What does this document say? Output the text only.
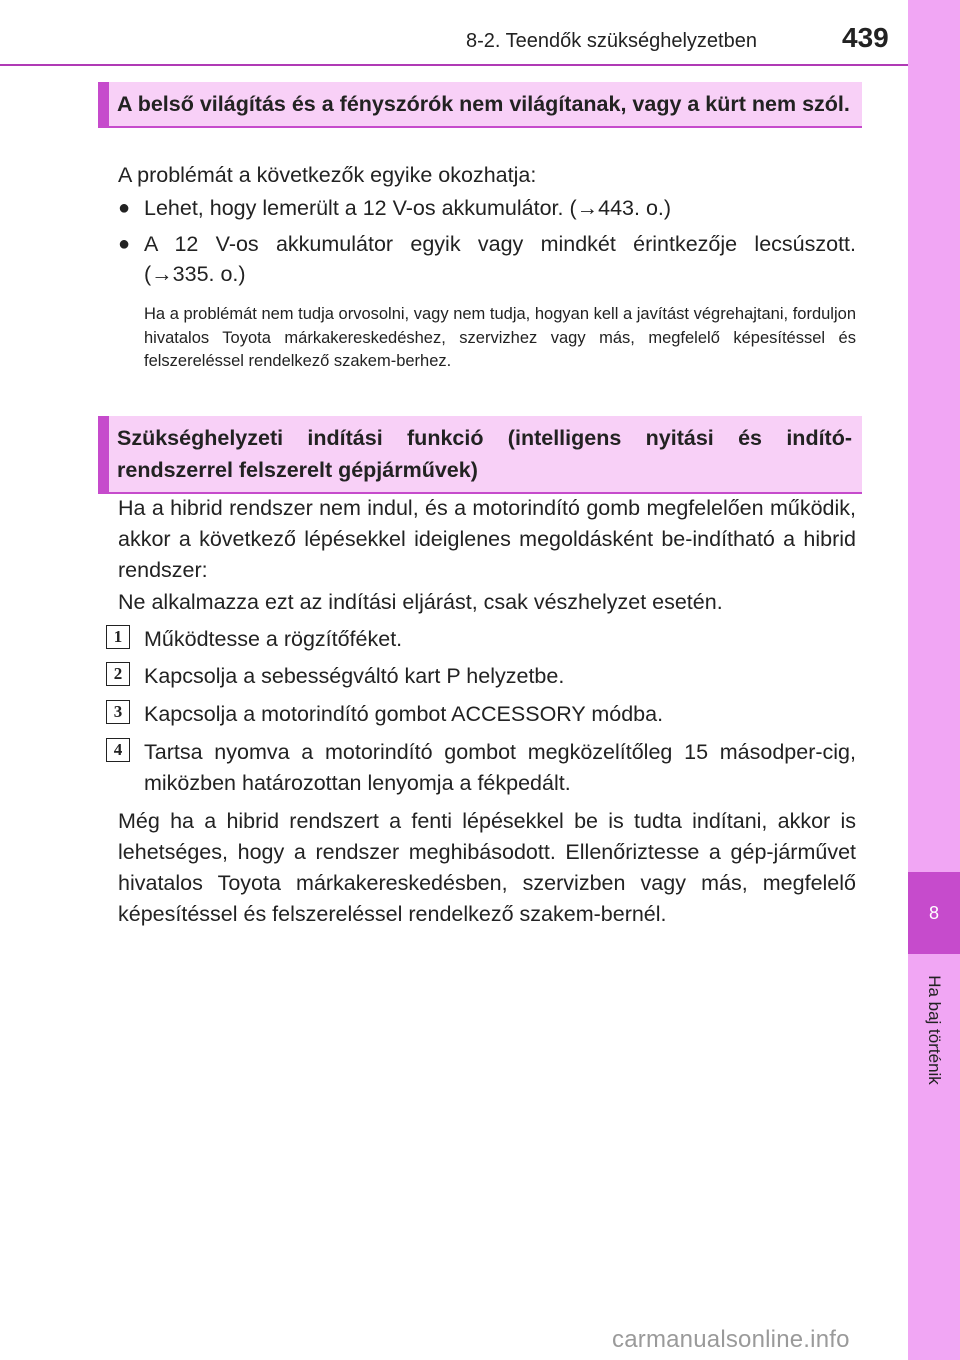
8-2. Teendők szükséghelyzetben	439
8
Ha baj történik
A belső világítás és a fényszórók nem világítanak, vagy a kürt nem szól.
A problémát a következők egyike okozhatja:
● Lehet, hogy lemerült a 12 V-os akkumulátor. (→443. o.)
● A 12 V-os akkumulátor egyik vagy mindkét érintkezője lecsúszott.
(→335. o.)
Ha a problémát nem tudja orvosolni, vagy nem tudja, hogyan kell a javítást végrehajtani, forduljon hivatalos Toyota márkakereskedéshez, szervizhez vagy más, megfelelő képesítéssel és felszereléssel rendelkező szakem-berhez.
Szükséghelyzeti indítási funkció (intelligens nyitási és indító-rendszerrel felszerelt gépjárművek)
Ha a hibrid rendszer nem indul, és a motorindító gomb megfelelően működik, akkor a következő lépésekkel ideiglenes megoldásként be-indítható a hibrid rendszer:
Ne alkalmazza ezt az indítási eljárást, csak vészhelyzet esetén.
1	Működtesse a rögzítőféket.
2	Kapcsolja a sebességváltó kart P helyzetbe.
3	Kapcsolja a motorindító gombot ACCESSORY módba.
4	Tartsa nyomva a motorindító gombot megközelítőleg 15 másodper-cig, miközben határozottan lenyomja a fékpedált.
Még ha a hibrid rendszert a fenti lépésekkel be is tudta indítani, akkor is lehetséges, hogy a rendszer meghibásodott. Ellenőriztesse a gép-járművet hivatalos Toyota márkakereskedésben, szervizben vagy más, megfelelő képesítéssel és felszereléssel rendelkező szakem-bernél.
carmanualsonline.info
